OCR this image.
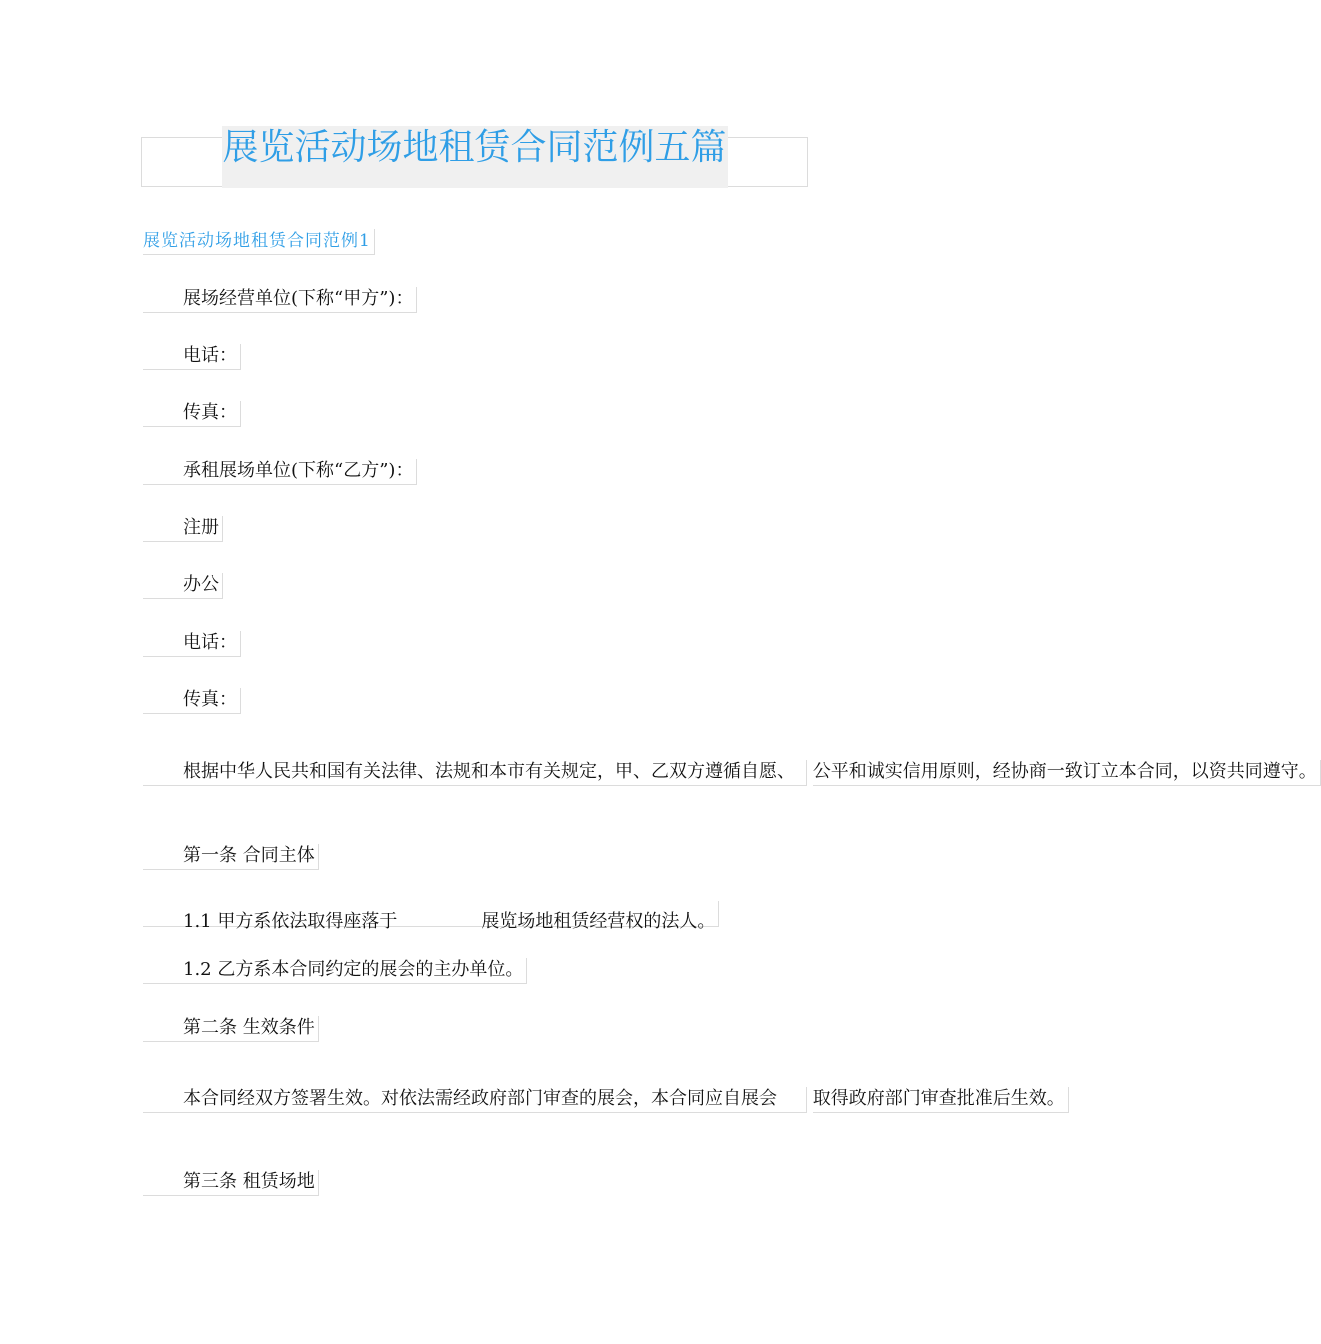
展览活动场地租赁合同范例五篇
展览活动场地租赁合同范例1
展场经营单位(下称“甲方”)：
电话：
传真：
承租展场单位(下称“乙方”)：
注册
办公
电话：
传真：
根据中华人民共和国有关法律、法规和本市有关规定，甲、乙双方遵循自愿、 公平和诚实信用原则，经协商一致订立本合同，以资共同遵守。
第一条 合同主体
1.1 甲方系依法取得座落于	展览场地租赁经营权的法人。
1.2 乙方系本合同约定的展会的主办单位。
第二条 生效条件
本合同经双方签署生效。对依法需经政府部门审查的展会，本合同应自展会 取得政府部门审查批准后生效。
第三条 租赁场地
